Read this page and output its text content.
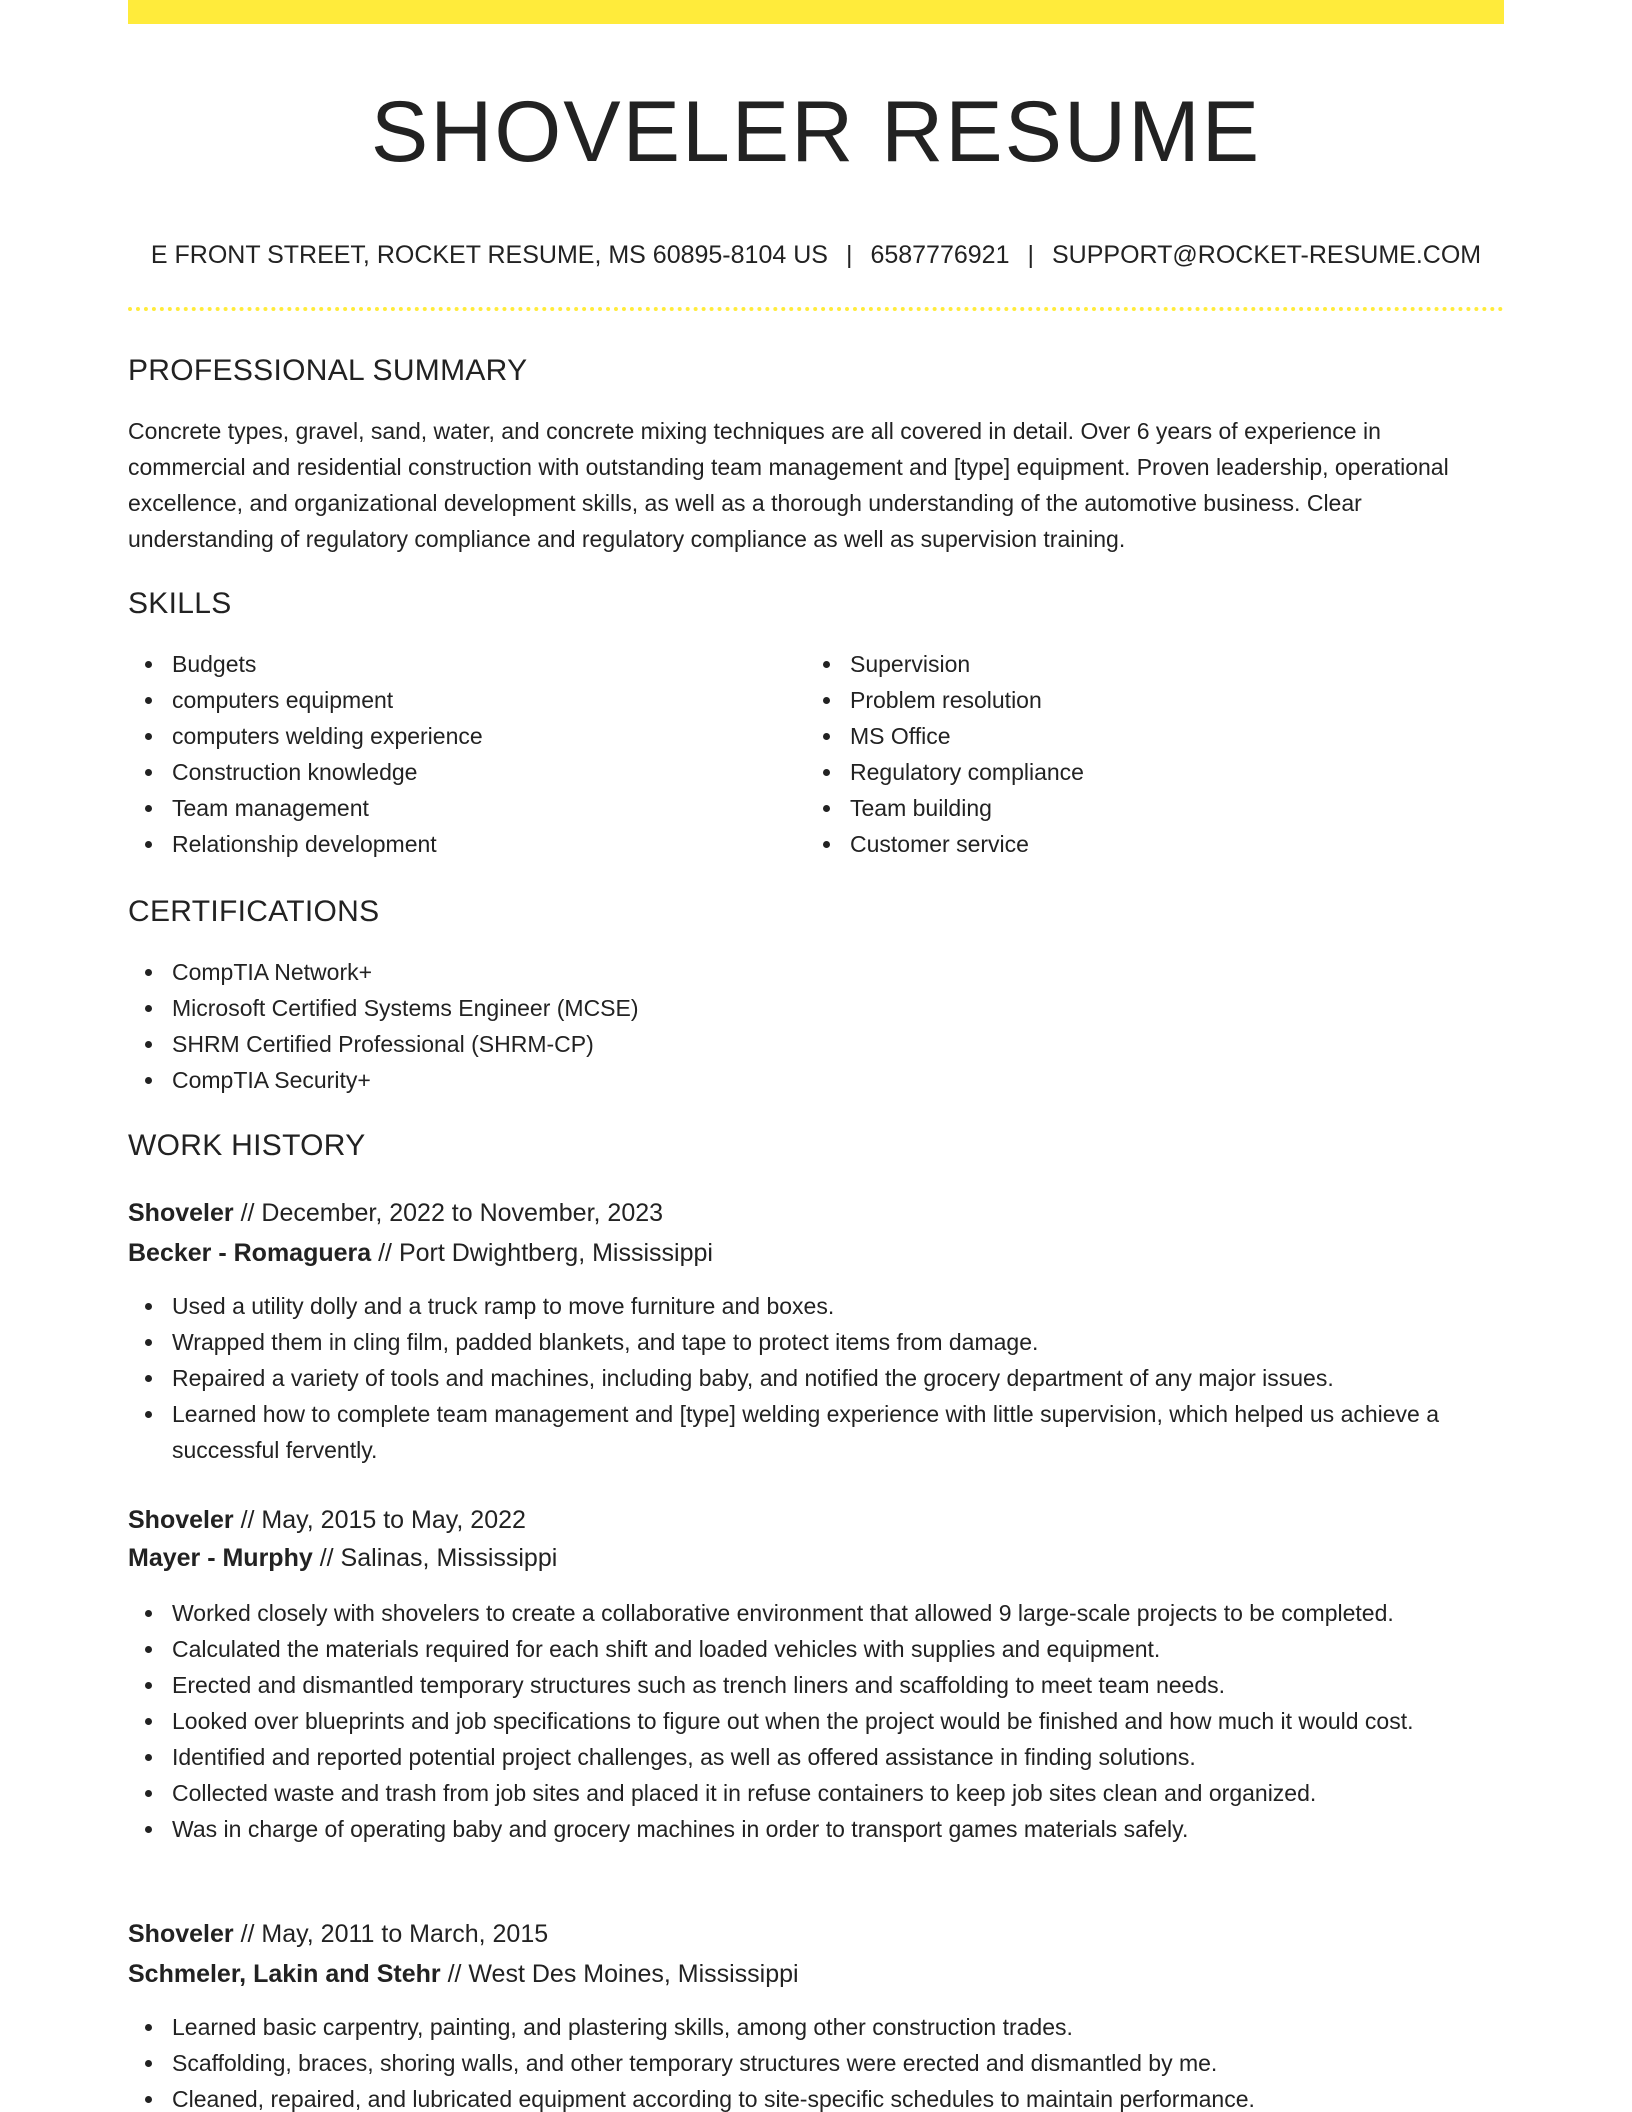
SHOVELER RESUME
E FRONT STREET, ROCKET RESUME, MS 60895-8104 US | 6587776921 | SUPPORT@ROCKET-RESUME.COM
PROFESSIONAL SUMMARY

Concrete types, gravel, sand, water, and concrete mixing techniques are all covered in detail. Over 6 years of experience in commercial and residential construction with outstanding team management and [type] equipment. Proven leadership, operational excellence, and organizational development skills, as well as a thorough understanding of the automotive business. Clear understanding of regulatory compliance and regulatory compliance as well as supervision training.

SKILLS
Budgets
computers equipment
computers welding experience
Construction knowledge
Team management
Relationship development
Supervision
Problem resolution
MS Office
Regulatory compliance
Team building
Customer service
CERTIFICATIONS
CompTIA Network+
Microsoft Certified Systems Engineer (MCSE)
SHRM Certified Professional (SHRM-CP)
CompTIA Security+
WORK HISTORY
Shoveler // December, 2022 to November, 2023
Becker - Romaguera // Port Dwightberg, Mississippi
Used a utility dolly and a truck ramp to move furniture and boxes.
Wrapped them in cling film, padded blankets, and tape to protect items from damage.
Repaired a variety of tools and machines, including baby, and notified the grocery department of any major issues.
Learned how to complete team management and [type] welding experience with little supervision, which helped us achieve a successful fervently.
Shoveler // May, 2015 to May, 2022
Mayer - Murphy // Salinas, Mississippi
Worked closely with shovelers to create a collaborative environment that allowed 9 large-scale projects to be completed.
Calculated the materials required for each shift and loaded vehicles with supplies and equipment.
Erected and dismantled temporary structures such as trench liners and scaffolding to meet team needs.
Looked over blueprints and job specifications to figure out when the project would be finished and how much it would cost.
Identified and reported potential project challenges, as well as offered assistance in finding solutions.
Collected waste and trash from job sites and placed it in refuse containers to keep job sites clean and organized.
Was in charge of operating baby and grocery machines in order to transport games materials safely.
Shoveler // May, 2011 to March, 2015
Schmeler, Lakin and Stehr // West Des Moines, Mississippi
Learned basic carpentry, painting, and plastering skills, among other construction trades.
Scaffolding, braces, shoring walls, and other temporary structures were erected and dismantled by me.
Cleaned, repaired, and lubricated equipment according to site-specific schedules to maintain performance.
